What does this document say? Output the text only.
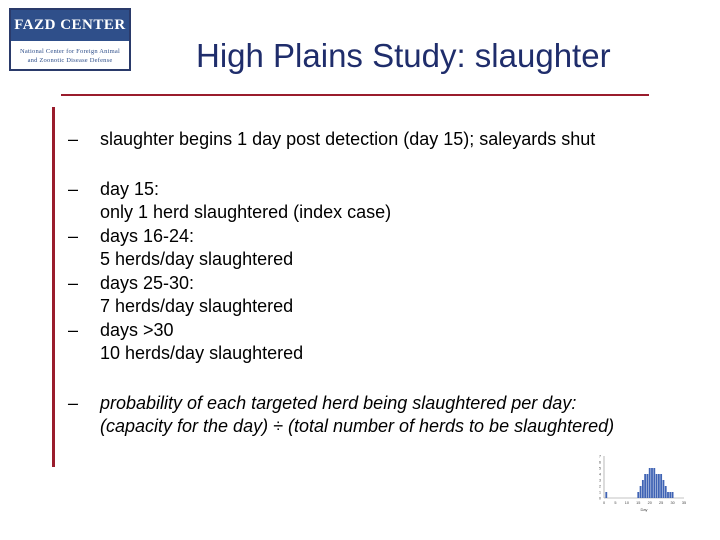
FAZD CENTER
National Center for Foreign Animal
and Zoonotic Disease Defense	High Plains Study: slaughter
– slaughter begins 1 day post detection (day 15); saleyards shut
– day 15:
only 1 herd slaughtered (index case)
– days 16-24:
5 herds/day slaughtered
– days 25-30:
7 herds/day slaughtered
– days >30
10 herds/day slaughtered
– probability of each targeted herd being slaughtered per day:
(capacity for the day) ÷ (total number of herds to be slaughtered)
0
1
2
3
4
5
6
7
0 5 10 15 20 25 30 35
Day
